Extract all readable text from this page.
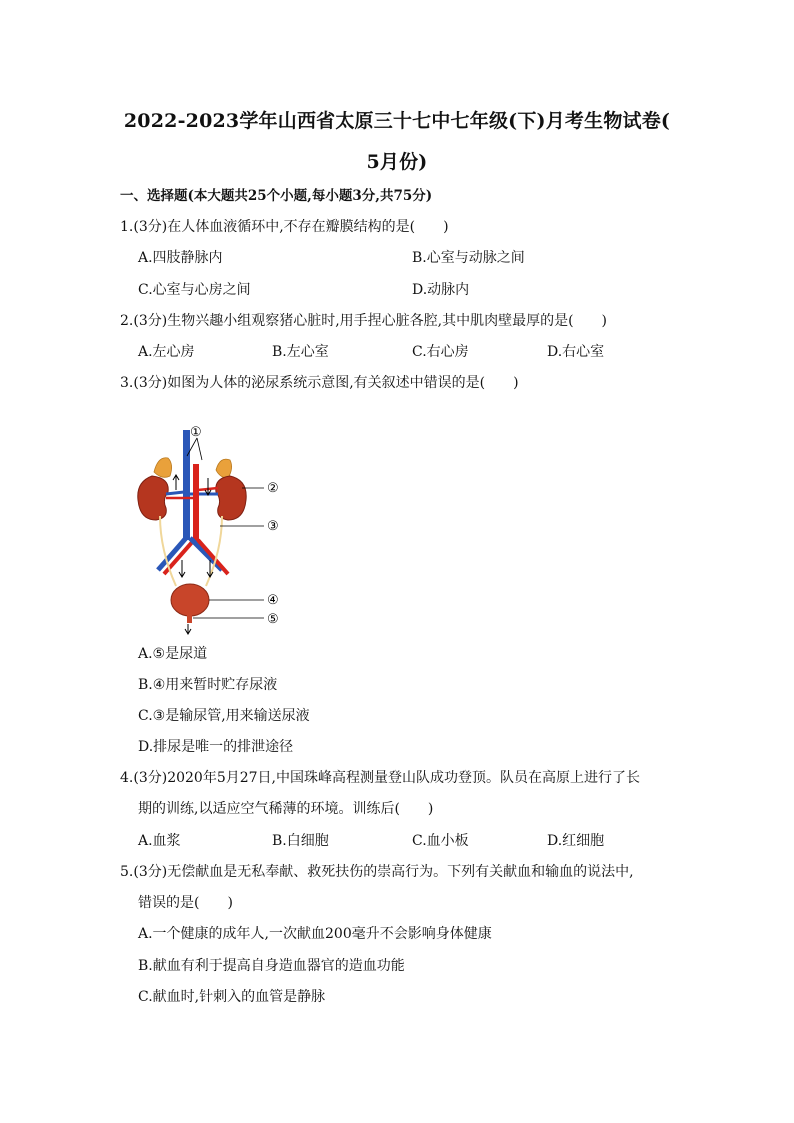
2022-2023学年山西省太原三十七中七年级(下)月考生物试卷(
5月份)
一、选择题(本大题共25个小题,每小题3分,共75分)
1.(3分)在人体血液循环中,不存在瓣膜结构的是(　　)
A.四肢静脉内	B.心室与动脉之间
C.心室与心房之间	D.动脉内
2.(3分)生物兴趣小组观察猪心脏时,用手捏心脏各腔,其中肌肉壁最厚的是(　　)
A.左心房	B.左心室	C.右心房	D.右心室
3.(3分)如图为人体的泌尿系统示意图,有关叙述中错误的是(　　)
①
②
③
④
⑤
A.⑤是尿道
B.④用来暂时贮存尿液
C.③是输尿管,用来输送尿液
D.排尿是唯一的排泄途径
4.(3分)2020年5月27日,中国珠峰高程测量登山队成功登顶。队员在高原上进行了长
期的训练,以适应空气稀薄的环境。训练后(　　)
A.血浆	B.白细胞	C.血小板	D.红细胞
5.(3分)无偿献血是无私奉献、救死扶伤的崇高行为。下列有关献血和输血的说法中,
错误的是(　　)
A.一个健康的成年人,一次献血200毫升不会影响身体健康
B.献血有利于提高自身造血器官的造血功能
C.献血时,针刺入的血管是静脉
